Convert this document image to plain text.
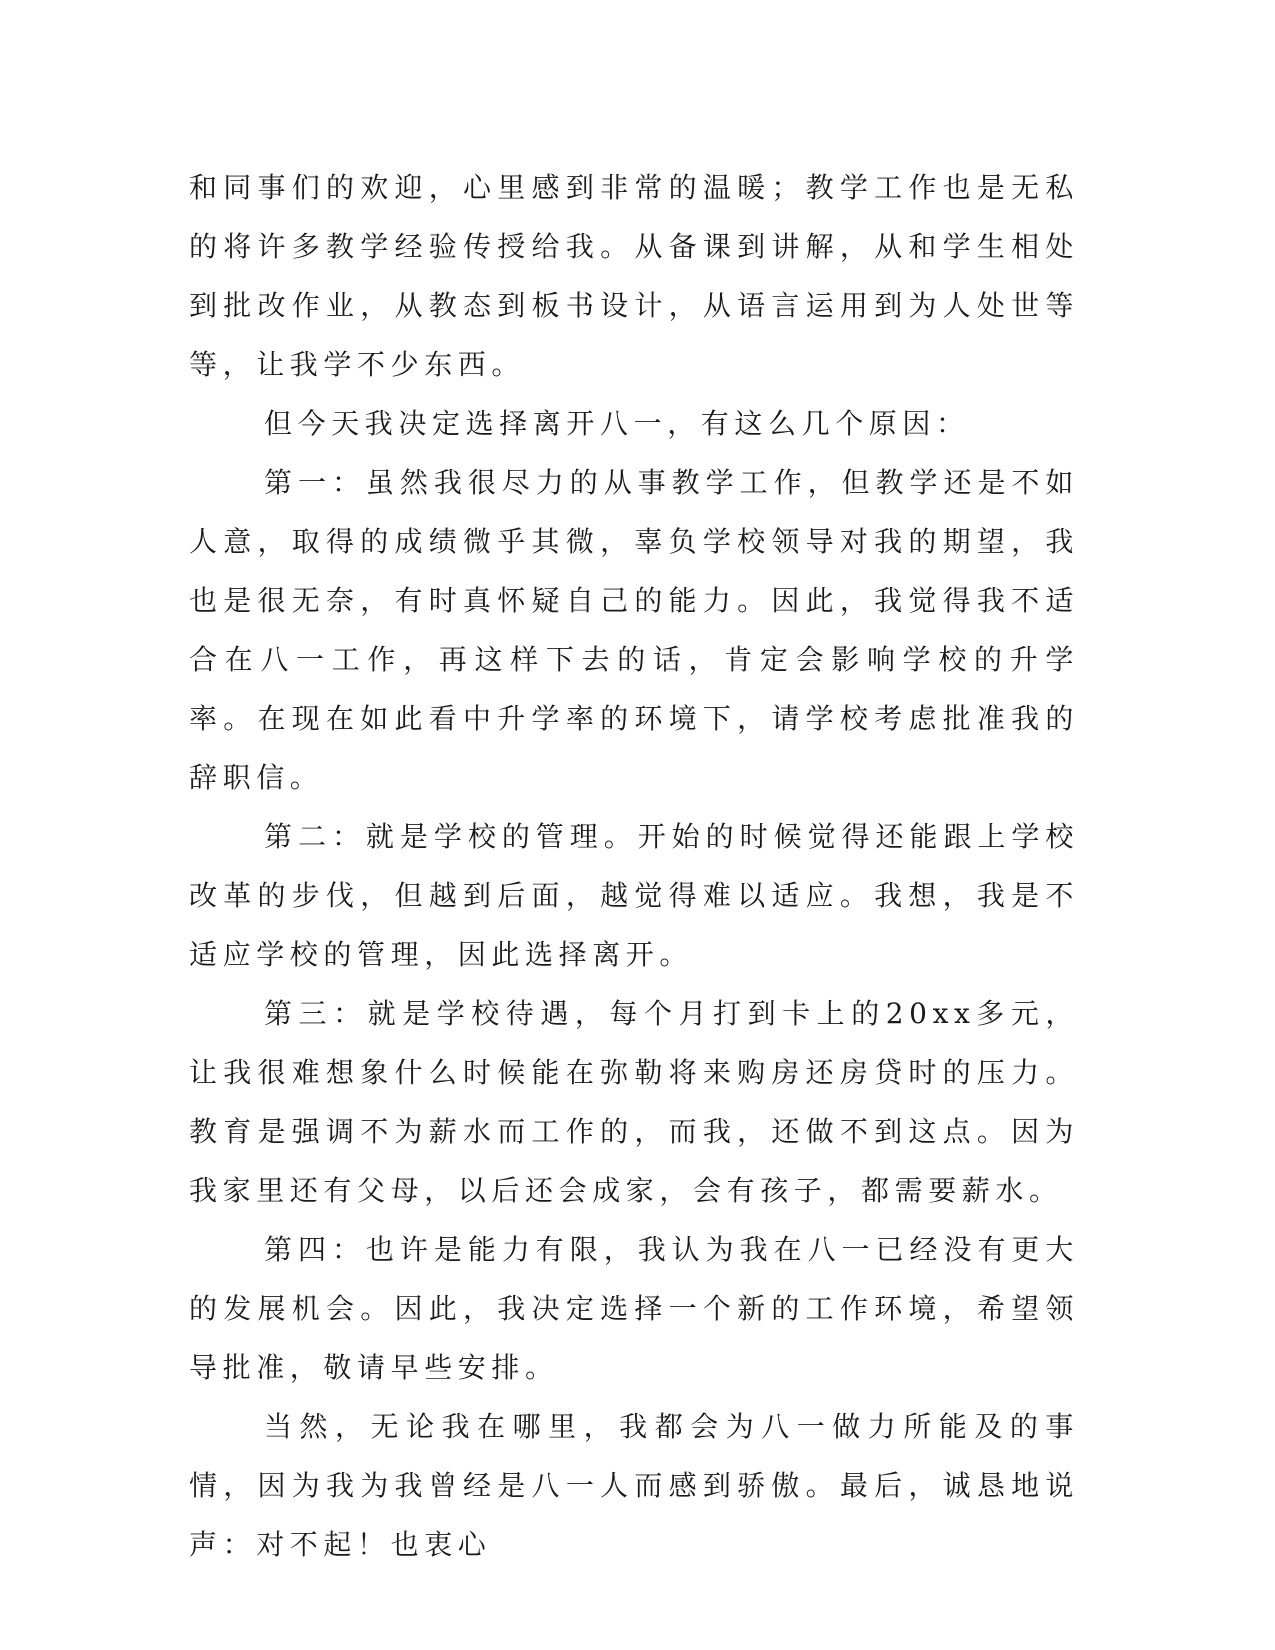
和同事们的欢迎，心里感到非常的温暖；教学工作也是无私的将许多教学经验传授给我。从备课到讲解，从和学生相处到批改作业，从教态到板书设计，从语言运用到为人处世等等，让我学不少东西。

但今天我决定选择离开八一，有这么几个原因：

第一：虽然我很尽力的从事教学工作，但教学还是不如人意，取得的成绩微乎其微，辜负学校领导对我的期望，我也是很无奈，有时真怀疑自己的能力。因此，我觉得我不适合在八一工作，再这样下去的话，肯定会影响学校的升学率。在现在如此看中升学率的环境下，请学校考虑批准我的辞职信。

第二：就是学校的管理。开始的时候觉得还能跟上学校改革的步伐，但越到后面，越觉得难以适应。我想，我是不适应学校的管理，因此选择离开。

第三：就是学校待遇，每个月打到卡上的20xx多元，让我很难想象什么时候能在弥勒将来购房还房贷时的压力。教育是强调不为薪水而工作的，而我，还做不到这点。因为我家里还有父母，以后还会成家，会有孩子，都需要薪水。

第四：也许是能力有限，我认为我在八一已经没有更大的发展机会。因此，我决定选择一个新的工作环境，希望领导批准，敬请早些安排。

当然，无论我在哪里，我都会为八一做力所能及的事情，因为我为我曾经是八一人而感到骄傲。最后，诚恳地说声：对不起！也衷心
